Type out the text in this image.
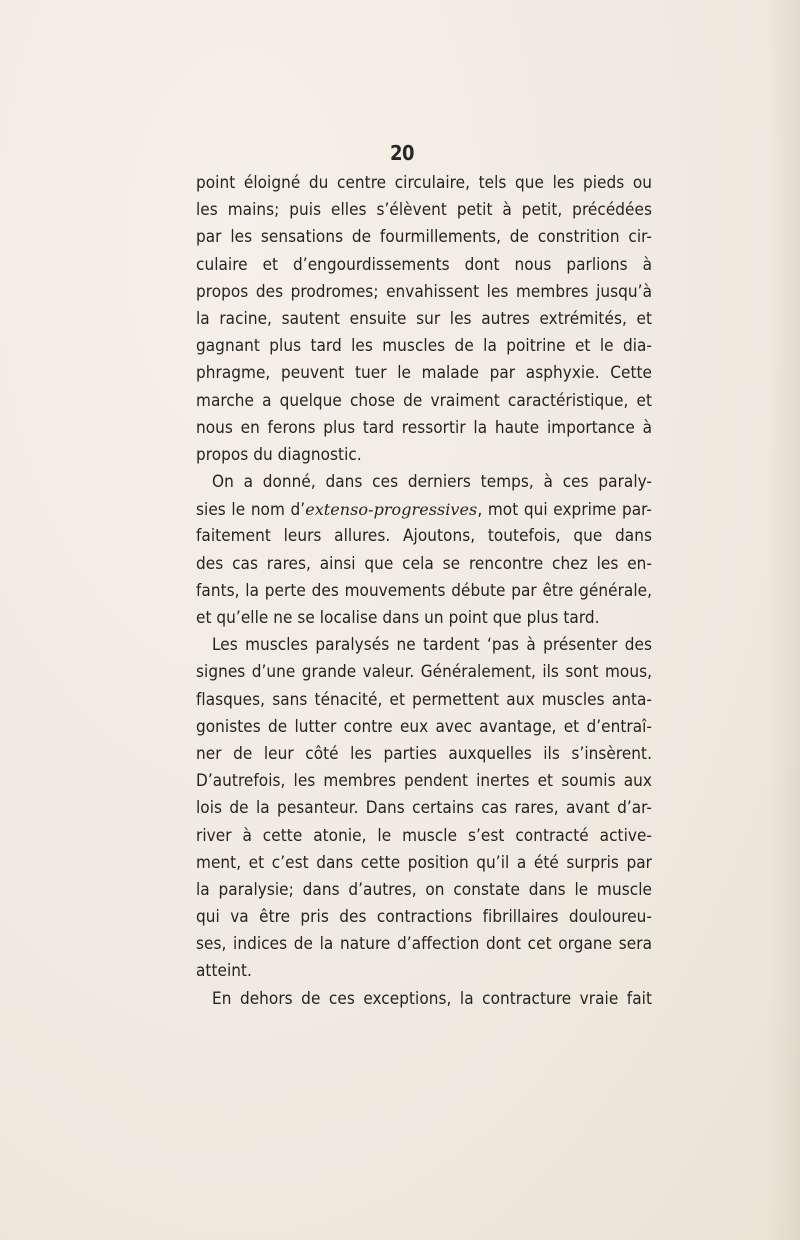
20
point éloigné du centre circulaire, tels que les pieds ou
les mains; puis elles s’élèvent petit à petit, précédées
par les sensations de fourmillements, de constrition cir-
culaire et d’engourdissements dont nous parlions à
propos des prodromes; envahissent les membres jusqu’à
la racine, sautent ensuite sur les autres extrémités, et
gagnant plus tard les muscles de la poitrine et le dia-
phragme, peuvent tuer le malade par asphyxie. Cette
marche a quelque chose de vraiment caractéristique, et
nous en ferons plus tard ressortir la haute importance à
propos du diagnostic.
On a donné, dans ces derniers temps, à ces paraly-
sies le nom d’extenso-progressives, mot qui exprime par-
faitement leurs allures. Ajoutons, toutefois, que dans
des cas rares, ainsi que cela se rencontre chez les en-
fants, la perte des mouvements débute par être générale,
et qu’elle ne se localise dans un point que plus tard.
Les muscles paralysés ne tardent ‘pas à présenter des
signes d’une grande valeur. Généralement, ils sont mous,
flasques, sans ténacité, et permettent aux muscles anta-
gonistes de lutter contre eux avec avantage, et d’entraî-
ner de leur côté les parties auxquelles ils s’insèrent.
D’autrefois, les membres pendent inertes et soumis aux
lois de la pesanteur. Dans certains cas rares, avant d’ar-
river à cette atonie, le muscle s’est contracté active-
ment, et c’est dans cette position qu’il a été surpris par
la paralysie; dans d’autres, on constate dans le muscle
qui va être pris des contractions fibrillaires douloureu-
ses, indices de la nature d’affection dont cet organe sera
atteint.
En dehors de ces exceptions, la contracture vraie fait
